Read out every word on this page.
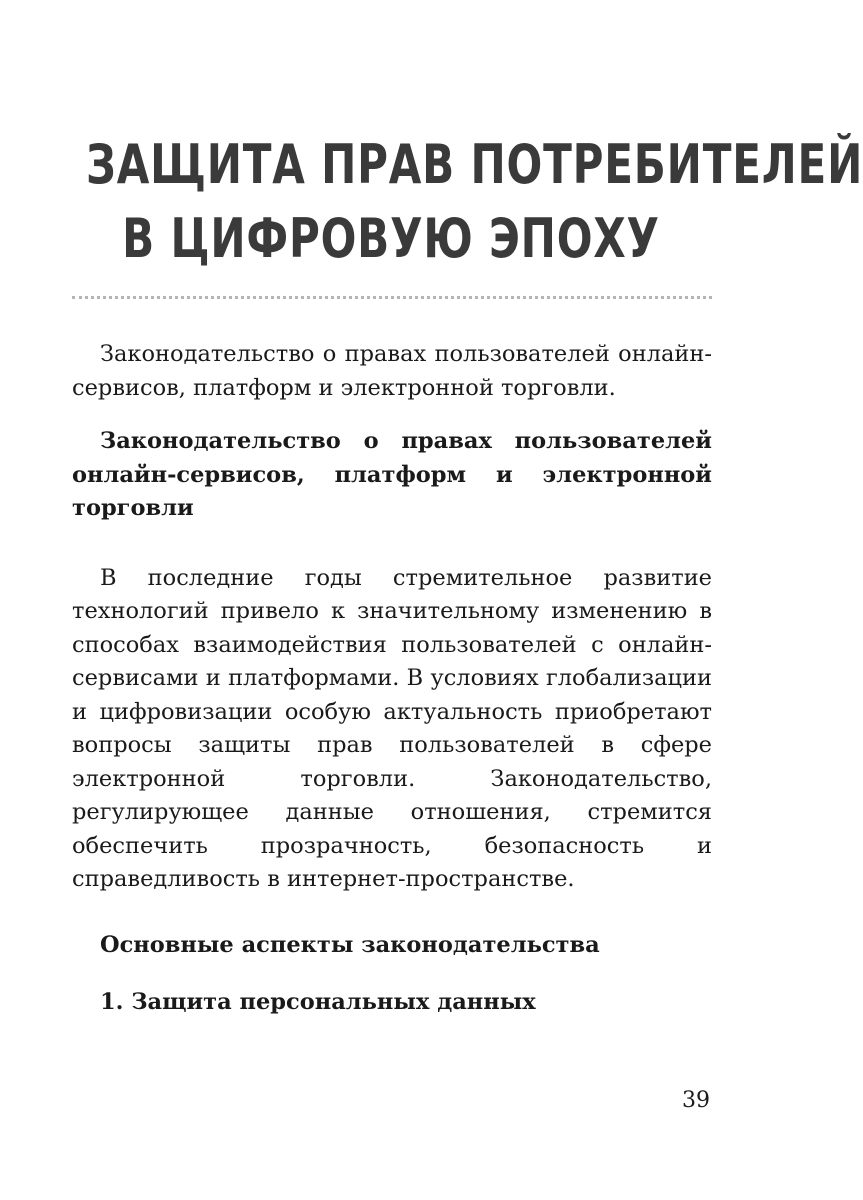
ЗАЩИТА ПРАВ ПОТРЕБИТЕЛЕЙ
В ЦИФРОВУЮ ЭПОХУ

Законодательство о правах пользователей онлайн-сервисов, платформ и электронной торговли.

Законодательство о правах пользователей онлайн-сервисов, платформ и электронной торговли

В последние годы стремительное развитие технологий привело к значительному изменению в способах взаимодействия пользователей с онлайн-сервисами и платформами. В условиях глобализации и цифровизации особую актуальность приобретают вопросы защиты прав пользователей в сфере электронной торговли. Законодательство, регулирующее данные отношения, стремится обеспечить прозрачность, безопасность и справедливость в интернет-пространстве.

Основные аспекты законодательства

1. Защита персональных данных

39
